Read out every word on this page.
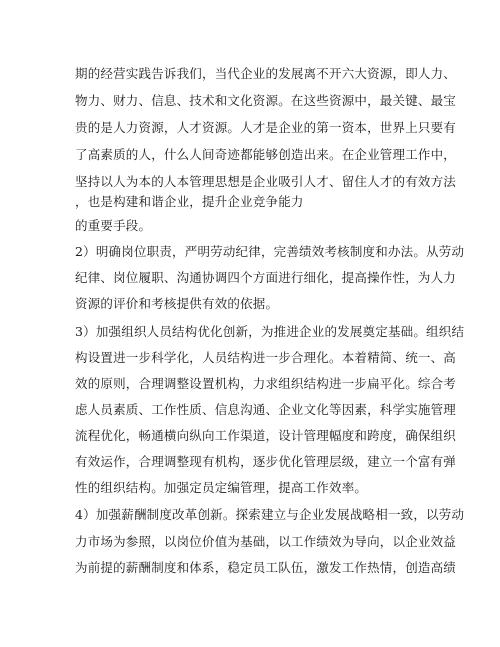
期的经营实践告诉我们，当代企业的发展离不开六大资源，即人力、
物力、财力、信息、技术和文化资源。在这些资源中，最关键、最宝
贵的是人力资源，人才资源。人才是企业的第一资本，世界上只要有
了高素质的人，什么人间奇迹都能够创造出来。在企业管理工作中，
坚持以人为本的人本管理思想是企业吸引人才、留住人才的有效方法
，也是构建和谐企业，提升企业竞争能力
的重要手段。
2）明确岗位职责，严明劳动纪律，完善绩效考核制度和办法。从劳动
纪律、岗位履职、沟通协调四个方面进行细化，提高操作性，为人力
资源的评价和考核提供有效的依据。
3）加强组织人员结构优化创新，为推进企业的发展奠定基础。组织结
构设置进一步科学化，人员结构进一步合理化。本着精简、统一、高
效的原则，合理调整设置机构，力求组织结构进一步扁平化。综合考
虑人员素质、工作性质、信息沟通、企业文化等因素，科学实施管理
流程优化，畅通横向纵向工作渠道，设计管理幅度和跨度，确保组织
有效运作，合理调整现有机构，逐步优化管理层级，建立一个富有弹
性的组织结构。加强定员定编管理，提高工作效率。
4）加强薪酬制度改革创新。探索建立与企业发展战略相一致，以劳动
力市场为参照，以岗位价值为基础，以工作绩效为导向，以企业效益
为前提的薪酬制度和体系，稳定员工队伍，激发工作热情，创造高绩
